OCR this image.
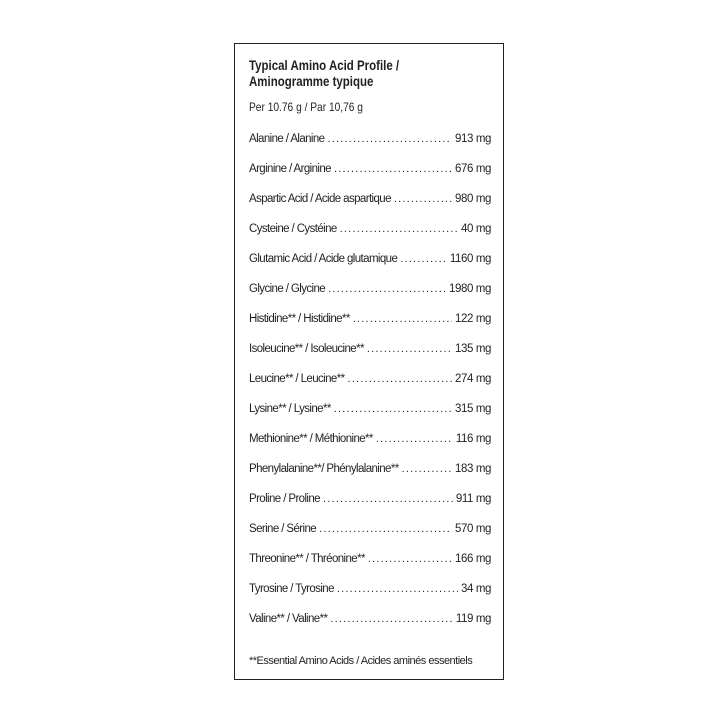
Typical Amino Acid Profile /
Aminogramme typique
Per 10.76 g / Par 10,76 g
Alanine / Alanine .....	913 mg
Arginine / Arginine .....	676 mg
Aspartic Acid / Acide aspartique .....	980 mg
Cysteine / Cystéine .....	40 mg
Glutamic Acid / Acide glutamique .....	1160 mg
Glycine / Glycine .....	1980 mg
Histidine** / Histidine** .....	122 mg
Isoleucine** / Isoleucine** .....	135 mg
Leucine** / Leucine** .....	274 mg
Lysine** / Lysine** .....	315 mg
Methionine** / Méthionine** .....	116 mg
Phenylalanine**/ Phénylalanine** .....	183 mg
Proline / Proline .....	911 mg
Serine / Sérine .....	570 mg
Threonine** / Thréonine** .....	166 mg
Tyrosine / Tyrosine .....	34 mg
Valine** / Valine** .....	119 mg
**Essential Amino Acids / Acides aminés essentiels
